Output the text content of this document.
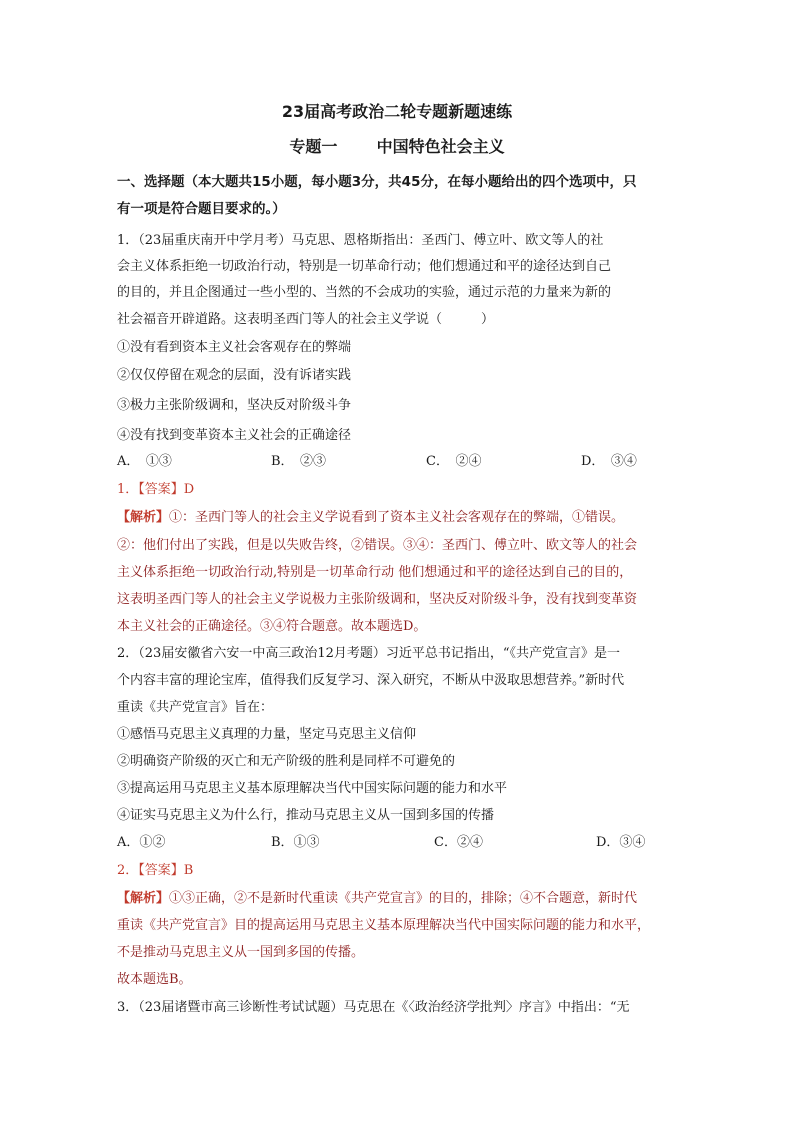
23届高考政治二轮专题新题速练
专题一 中国特色社会主义
一、选择题（本大题共15小题，每小题3分，共45分，在每小题给出的四个选项中，只
有一项是符合题目要求的。）
1．（23届重庆南开中学月考）马克思、恩格斯指出：圣西门、傅立叶、欧文等人的社
会主义体系拒绝一切政治行动，特别是一切革命行动；他们想通过和平的途径达到自己
的目的，并且企图通过一些小型的、当然的不会成功的实验，通过示范的力量来为新的
社会福音开辟道路。这表明圣西门等人的社会主义学说（　　　）
①没有看到资本主义社会客观存在的弊端
②仅仅停留在观念的层面，没有诉诸实践
③极力主张阶级调和，坚决反对阶级斗争
④没有找到变革资本主义社会的正确途径
A．　①③	B．　②③	C．　②④	D．　③④
1．【答案】D
【解析】①：圣西门等人的社会主义学说看到了资本主义社会客观存在的弊端，①错误。
②：他们付出了实践，但是以失败告终，②错误。③④：圣西门、傅立叶、欧文等人的社会
主义体系拒绝一切政治行动,特别是一切革命行动 他们想通过和平的途径达到自己的目的，
这表明圣西门等人的社会主义学说极力主张阶级调和，坚决反对阶级斗争，没有找到变革资
本主义社会的正确途径。③④符合题意。故本题选D。
2．（23届安徽省六安一中高三政治12月考题）习近平总书记指出，“《共产党宣言》是一
个内容丰富的理论宝库，值得我们反复学习、深入研究，不断从中汲取思想营养。”新时代
重读《共产党宣言》旨在：
①感悟马克思主义真理的力量，坚定马克思主义信仰
②明确资产阶级的灭亡和无产阶级的胜利是同样不可避免的
③提高运用马克思主义基本原理解决当代中国实际问题的能力和水平
④证实马克思主义为什么行，推动马克思主义从一国到多国的传播
A．①②	B．①③	C．②④	D．③④
2．【答案】B
【解析】①③正确，②不是新时代重读《共产党宣言》的目的，排除；④不合题意，新时代
重读《共产党宣言》目的提高运用马克思主义基本原理解决当代中国实际问题的能力和水平，
不是推动马克思主义从一国到多国的传播。
故本题选B。
3．（23届诸暨市高三诊断性考试试题）马克思在《〈政治经济学批判〉序言》中指出：“无
